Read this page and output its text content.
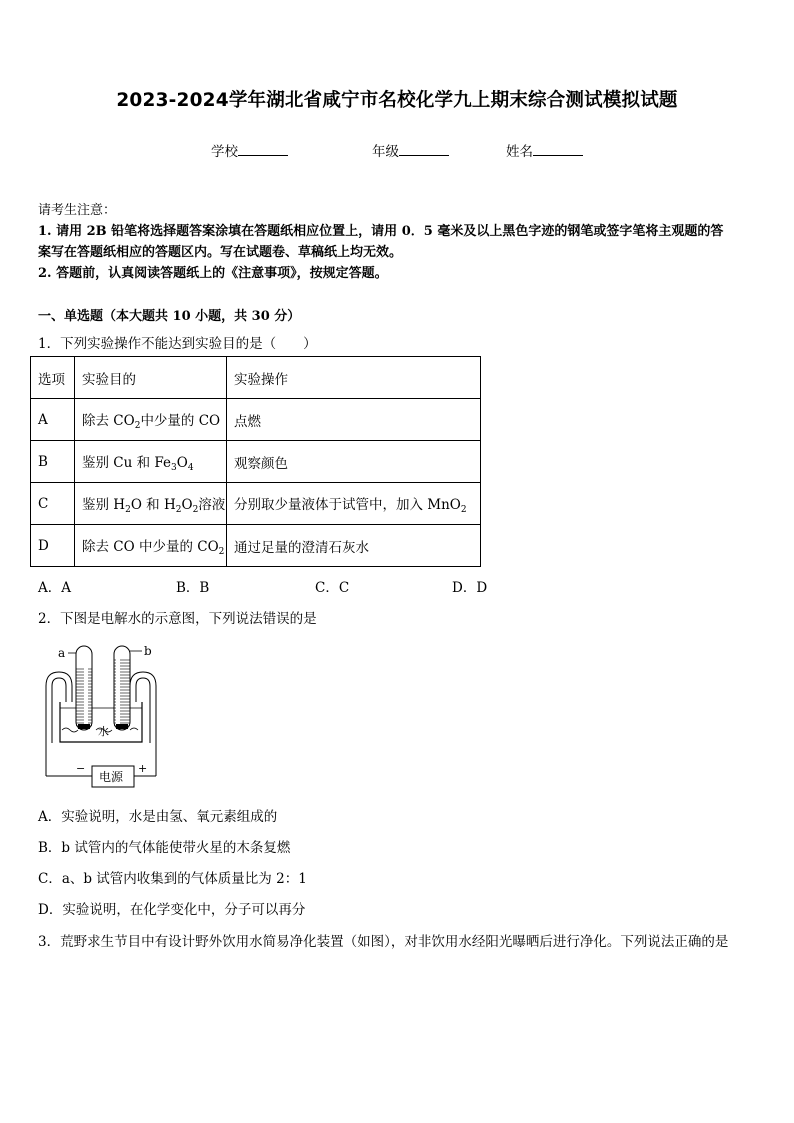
2023-2024学年湖北省咸宁市名校化学九上期末综合测试模拟试题
学校	年级	姓名
请考生注意：
1. 请用 2B 铅笔将选择题答案涂填在答题纸相应位置上，请用 0．5 毫米及以上黑色字迹的钢笔或签字笔将主观题的答
案写在答题纸相应的答题区内。写在试题卷、草稿纸上均无效。
2. 答题前，认真阅读答题纸上的《注意事项》，按规定答题。
一、单选题（本大题共 10 小题，共 30 分）
1．下列实验操作不能达到实验目的是（　　）
选项	实验目的	实验操作
A	除去 $CO_2$中少量的 CO	点燃
B	鉴别 Cu 和 $Fe_3O_4$	观察颜色
C	鉴别 $H_2O$ 和 $H_2O_2$溶液	分别取少量液体于试管中，加入 MnO$_2$
D	除去 CO 中少量的 $CO_2$	通过足量的澄清石灰水
A．A	B．B	C．C	D．D
2．下图是电解水的示意图，下列说法错误的是
水
a	b
电源
−	+
A．实验说明，水是由氢、氧元素组成的
B．b 试管内的气体能使带火星的木条复燃
C．a、b 试管内收集到的气体质量比为 2：1
D．实验说明，在化学变化中，分子可以再分
3．荒野求生节目中有设计野外饮用水简易净化装置（如图），对非饮用水经阳光曝晒后进行净化。下列说法正确的是
